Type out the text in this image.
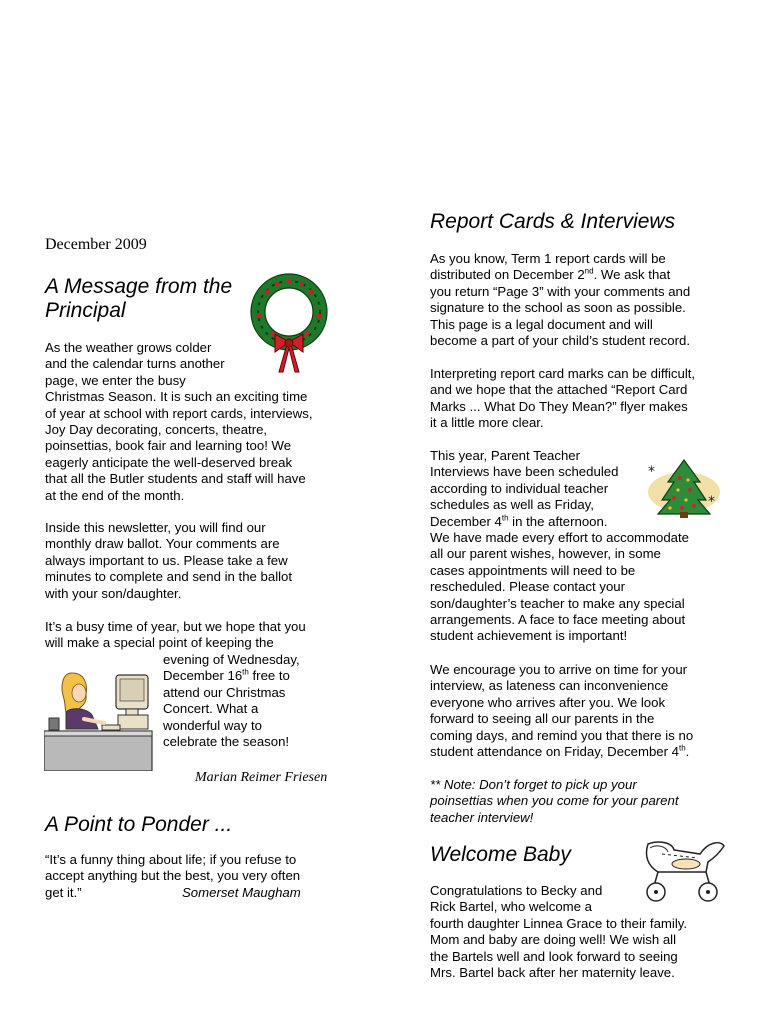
December 2009
A Message from the
Principal

As the weather grows colder

and the calendar turns another

page, we enter the busy

Christmas Season. It is such an exciting time

of year at school with report cards, interviews,

Joy Day decorating, concerts, theatre,

poinsettias, book fair and learning too! We

eagerly anticipate the well-deserved break

that all the Butler students and staff will have

at the end of the month.

Inside this newsletter, you will find our

monthly draw ballot. Your comments are

always important to us. Please take a few

minutes to complete and send in the ballot

with your son/daughter.

It’s a busy time of year, but we hope that you

will make a special point of keeping the

evening of Wednesday,

December 16th free to

attend our Christmas

Concert. What a

wonderful way to

celebrate the season!

Marian Reimer Friesen
A Point to Ponder ...

“It’s a funny thing about life; if you refuse to

accept anything but the best, you very often

get it.”	Somerset Maugham

Report Cards & Interviews

As you know, Term 1 report cards will be

distributed on December 2nd. We ask that

you return “Page 3” with your comments and

signature to the school as soon as possible.

This page is a legal document and will

become a part of your child’s student record.

Interpreting report card marks can be difficult,

and we hope that the attached “Report Card

Marks ... What Do They Mean?” flyer makes

it a little more clear.

This year, Parent Teacher

Interviews have been scheduled

according to individual teacher

schedules as well as Friday,

December 4th in the afternoon.

*
*

We have made every effort to accommodate

all our parent wishes, however, in some

cases appointments will need to be

rescheduled. Please contact your

son/daughter’s teacher to make any special

arrangements. A face to face meeting about

student achievement is important!

We encourage you to arrive on time for your

interview, as lateness can inconvenience

everyone who arrives after you. We look

forward to seeing all our parents in the

coming days, and remind you that there is no

student attendance on Friday, December 4th.

** Note: Don’t forget to pick up your

poinsettias when you come for your parent

teacher interview!

Welcome Baby

Congratulations to Becky and

Rick Bartel, who welcome a

fourth daughter Linnea Grace to their family.

Mom and baby are doing well! We wish all

the Bartels well and look forward to seeing

Mrs. Bartel back after her maternity leave.
